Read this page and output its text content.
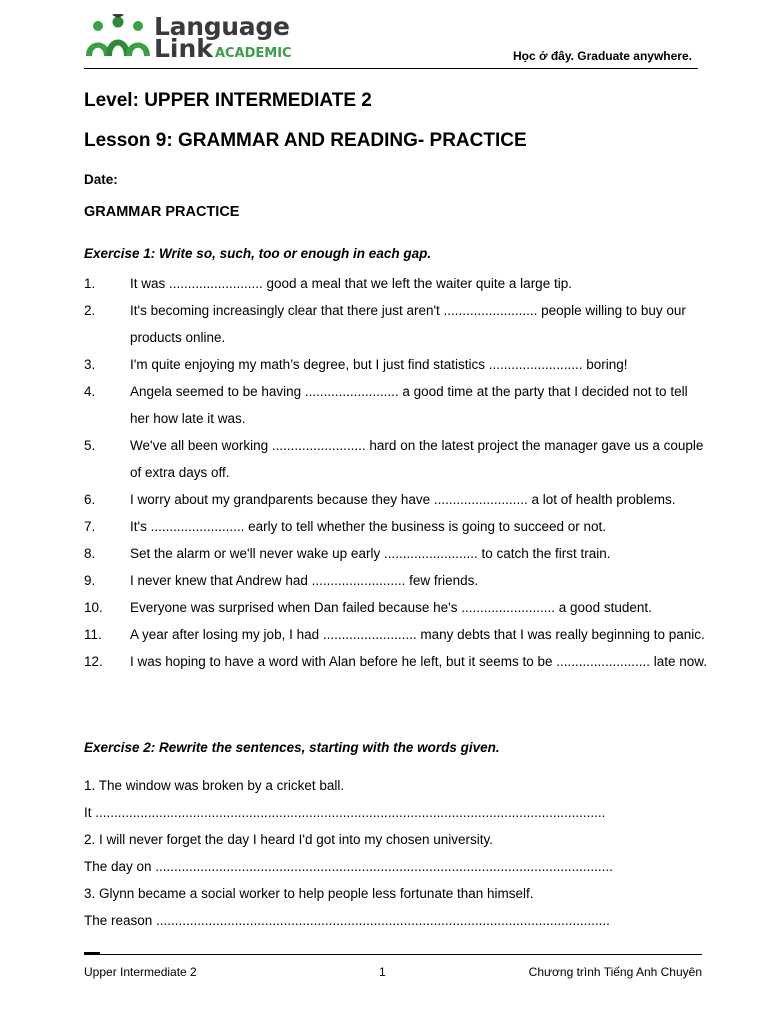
Language
Link ACADEMIC	Học ở đây. Graduate anywhere.
Level: UPPER INTERMEDIATE 2
Lesson 9: GRAMMAR AND READING- PRACTICE
Date:
GRAMMAR PRACTICE
Exercise 1: Write so, such, too or enough in each gap.
1.	It was ......................... good a meal that we left the waiter quite a large tip.
2.	It's becoming increasingly clear that there just aren't ......................... people willing to buy our products online.
3.	I'm quite enjoying my math’s degree, but I just find statistics ......................... boring!
4.	Angela seemed to be having ......................... a good time at the party that I decided not to tell her how late it was.
5.	We've all been working ......................... hard on the latest project the manager gave us a couple of extra days off.
6.	I worry about my grandparents because they have ......................... a lot of health problems.
7.	It's ......................... early to tell whether the business is going to succeed or not.
8.	Set the alarm or we'll never wake up early ......................... to catch the first train.
9.	I never knew that Andrew had ......................... few friends.
10.	Everyone was surprised when Dan failed because he's ......................... a good student.
11.	A year after losing my job, I had ......................... many debts that I was really beginning to panic.
12.	I was hoping to have a word with Alan before he left, but it seems to be ......................... late now.
Exercise 2: Rewrite the sentences, starting with the words given.
1. The window was broken by a cricket ball.
It ........................................................................................................................................
2. I will never forget the day I heard I'd got into my chosen university.
The day on ..........................................................................................................................
3. Glynn became a social worker to help people less fortunate than himself.
The reason .........................................................................................................................
Upper Intermediate 2	1	Chương trình Tiếng Anh Chuyên
